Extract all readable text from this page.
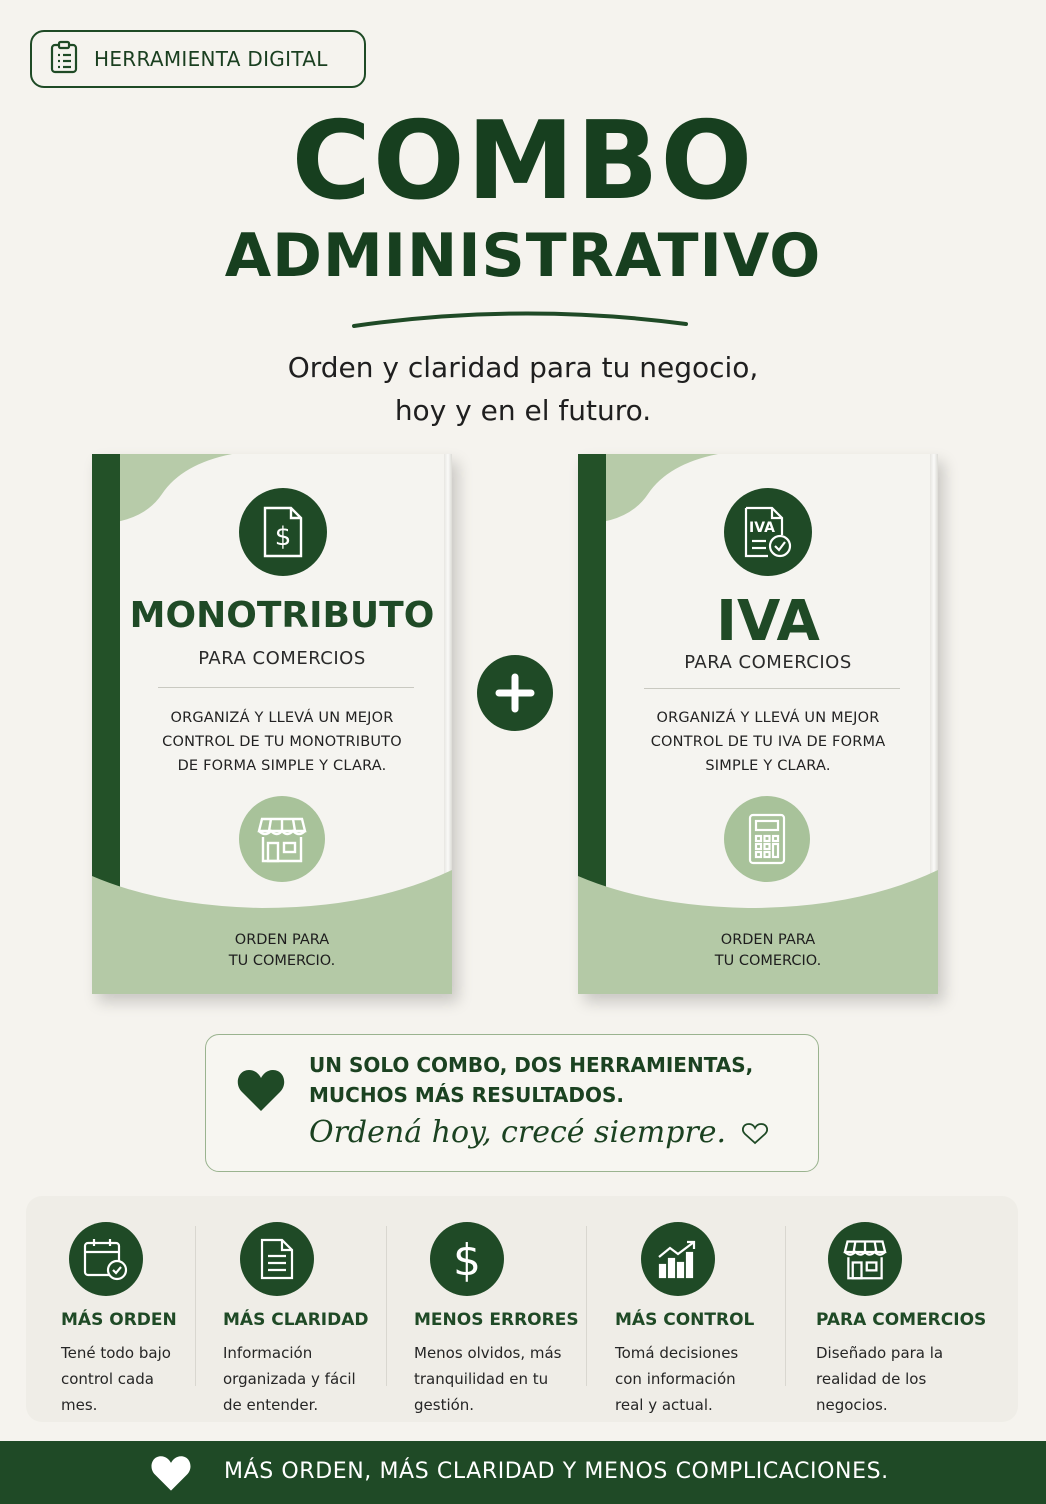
HERRAMIENTA DIGITAL
COMBO
ADMINISTRATIVO
Orden y claridad para tu negocio,
hoy y en el futuro.
$
MONOTRIBUTO
PARA COMERCIOS
ORGANIZÁ Y LLEVÁ UN MEJOR
CONTROL DE TU MONOTRIBUTO
DE FORMA SIMPLE Y CLARA.
ORDEN PARA
TU COMERCIO.
IVA
IVA
PARA COMERCIOS
ORGANIZÁ Y LLEVÁ UN MEJOR
CONTROL DE TU IVA DE FORMA
SIMPLE Y CLARA.
ORDEN PARA
TU COMERCIO.
UN SOLO COMBO, DOS HERRAMIENTAS,
MUCHOS MÁS RESULTADOS.
Ordená hoy, crecé siempre.
MÁS ORDEN
Tené todo bajo control cada mes.
MÁS CLARIDAD
Información organizada y fácil de entender.
$
MENOS ERRORES
Menos olvidos, más tranquilidad en tu gestión.
MÁS CONTROL
Tomá decisiones con información real y actual.
PARA COMERCIOS
Diseñado para la realidad de los negocios.
MÁS ORDEN, MÁS CLARIDAD Y MENOS COMPLICACIONES.
